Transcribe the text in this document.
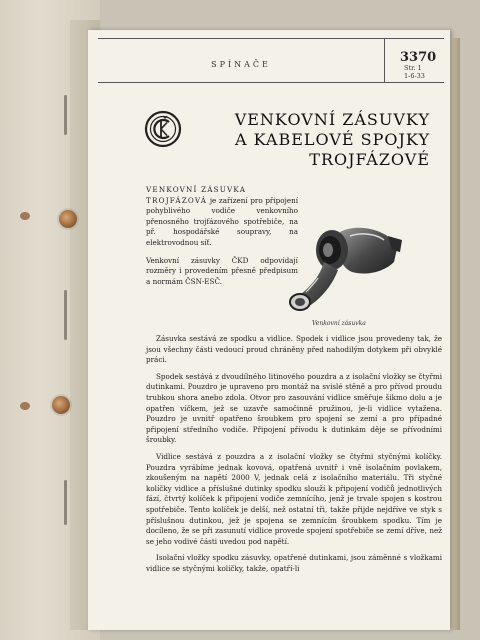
SPÍNAČE	3370
Str. 1
1-6-33
VENKOVNÍ ZÁSUVKY
A KABELOVÉ SPOJKY
TROJFÁZOVÉ

VENKOVNÍ ZÁSUVKA
TROJFÁZOVÁ je zařízení pro připojení pohyblivého vodiče venkovního přenosného trojfázového spotřebiče, na př. hospodářské soupravy, na elektrovodnou síť.

Venkovní zásuvky ČKD odpovídají rozměry i provedením přesně předpisum a normám ČSN-ESČ.

Venkovní zásuvka

Zásuvka sestává ze spodku a vidlice. Spodek i vidlice jsou provedeny tak, že jsou všechny části vedoucí proud chráněny před nahodilým dotykem při obvyklé práci.

Spodek sestává z dvoudílného litinového pouzdra a z isolační vložky se čtyřmi dutinkami. Pouzdro je upraveno pro montáž na svislé stěně a pro přívod proudu trubkou shora anebo zdola. Otvor pro zasouvání vidlice směřuje šikmo dolu a je opatřen víčkem, jež se uzavře samočinně pružinou, je-li vidlice vytažena. Pouzdro je uvnitř opatřeno šroubkem pro spojení se zemí a pro případné připojení středního vodiče. Připojení přívodu k dutinkám děje se přívodními šroubky.

Vidlice sestává z pouzdra a z isolační vložky se čtyřmi styčnými kolíčky. Pouzdra vyrábíme jednak kovová, opatřená uvnitř i vně isolačním povlakem, zkoušeným na napětí 2000 V, jednak celá z isolačního materiálu. Tři styčné kolíčky vidlice a příslušné dutinky spodku slouží k připojení vodičů jednotlivých fází, čtvrtý kolíček k připojení vodiče zemnícího, jenž je trvale spojen s kostrou spotřebiče. Tento kolíček je delší, než ostatní tři, takže přijde nejdříve ve styk s příslušnou dutinkou, jež je spojena se zemnícím šroubkem spodku. Tím je docíleno, že se při zasunutí vidlice provede spojení spotřebiče se zemí dříve, než se jeho vodivé části uvedou pod napětí.

Isolační vložky spodku zásuvky, opatřené dutinkami, jsou záměnné s vložkami vidlice se styčnými kolíčky, takže, opatří-li
